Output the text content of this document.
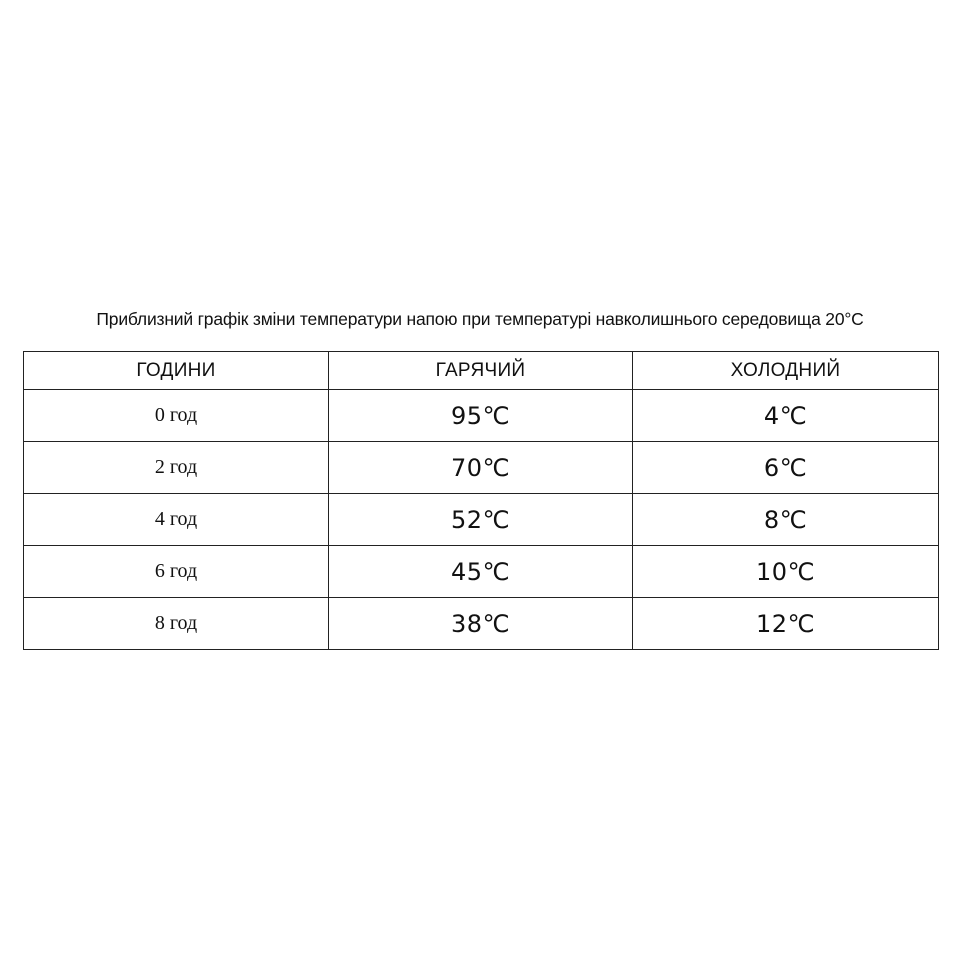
Приблизний графік зміни температури напою при температурі навколишнього середовища 20°С
ГОДИНИ	ГАРЯЧИЙ	ХОЛОДНИЙ
0 год	95℃	4℃
2 год	70℃	6℃
4 год	52℃	8℃
6 год	45℃	10℃
8 год	38℃	12℃
